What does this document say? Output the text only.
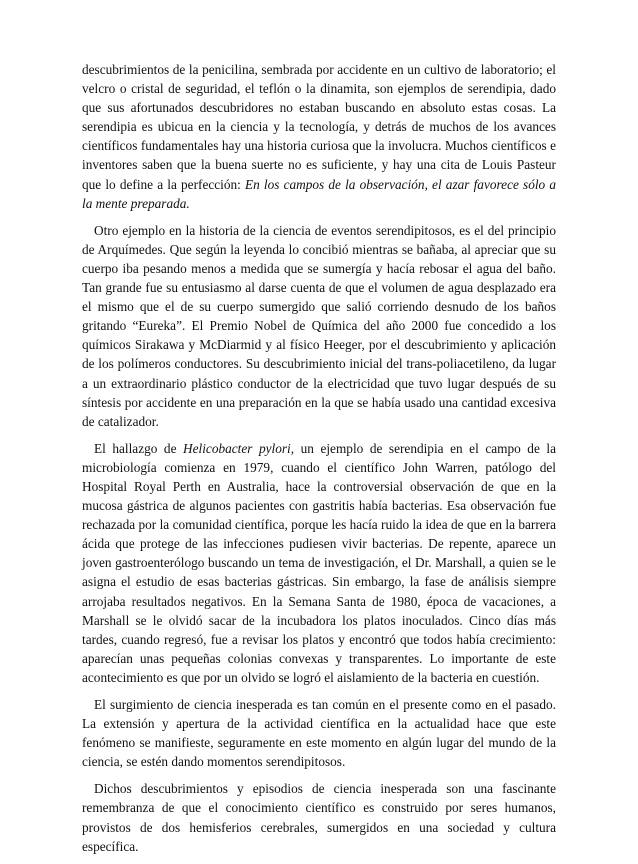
descubrimientos de la penicilina, sembrada por accidente en un cultivo de laboratorio; el velcro o cristal de seguridad, el teflón o la dinamita, son ejemplos de serendipia, dado que sus afortunados descubridores no estaban buscando en absoluto estas cosas. La serendipia es ubicua en la ciencia y la tecnología, y detrás de muchos de los avances científicos fundamentales hay una historia curiosa que la involucra. Muchos científicos e inventores saben que la buena suerte no es suficiente, y hay una cita de Louis Pasteur que lo define a la perfección: En los campos de la observación, el azar favorece sólo a la mente preparada.

Otro ejemplo en la historia de la ciencia de eventos serendipitosos, es el del principio de Arquímedes. Que según la leyenda lo concibió mientras se bañaba, al apreciar que su cuerpo iba pesando menos a medida que se sumergía y hacía rebosar el agua del baño. Tan grande fue su entusiasmo al darse cuenta de que el volumen de agua desplazado era el mismo que el de su cuerpo sumergido que salió corriendo desnudo de los baños gritando “Eureka”. El Premio Nobel de Química del año 2000 fue concedido a los químicos Sirakawa y McDiarmid y al físico Heeger, por el descubrimiento y aplicación de los polímeros conductores. Su descubrimiento inicial del trans-poliacetileno, da lugar a un extraordinario plástico conductor de la electricidad que tuvo lugar después de su síntesis por accidente en una preparación en la que se había usado una cantidad excesiva de catalizador.

El hallazgo de Helicobacter pylori, un ejemplo de serendipia en el campo de la microbiología comienza en 1979, cuando el científico John Warren, patólogo del Hospital Royal Perth en Australia, hace la controversial observación de que en la mucosa gástrica de algunos pacientes con gastritis había bacterias. Esa observación fue rechazada por la comunidad científica, porque les hacía ruido la idea de que en la barrera ácida que protege de las infecciones pudiesen vivir bacterias. De repente, aparece un joven gastroenterólogo buscando un tema de investigación, el Dr. Marshall, a quien se le asigna el estudio de esas bacterias gástricas. Sin embargo, la fase de análisis siempre arrojaba resultados negativos. En la Semana Santa de 1980, época de vacaciones, a Marshall se le olvidó sacar de la incubadora los platos inoculados. Cinco días más tardes, cuando regresó, fue a revisar los platos y encontró que todos había crecimiento: aparecían unas pequeñas colonias convexas y transparentes. Lo importante de este acontecimiento es que por un olvido se logró el aislamiento de la bacteria en cuestión.

El surgimiento de ciencia inesperada es tan común en el presente como en el pasado. La extensión y apertura de la actividad científica en la actualidad hace que este fenómeno se manifieste, seguramente en este momento en algún lugar del mundo de la ciencia, se estén dando momentos serendipitosos.

Dichos descubrimientos y episodios de ciencia inesperada son una fascinante remembranza de que el conocimiento científico es construido por seres humanos, provistos de dos hemisferios cerebrales, sumergidos en una sociedad y cultura específica.
